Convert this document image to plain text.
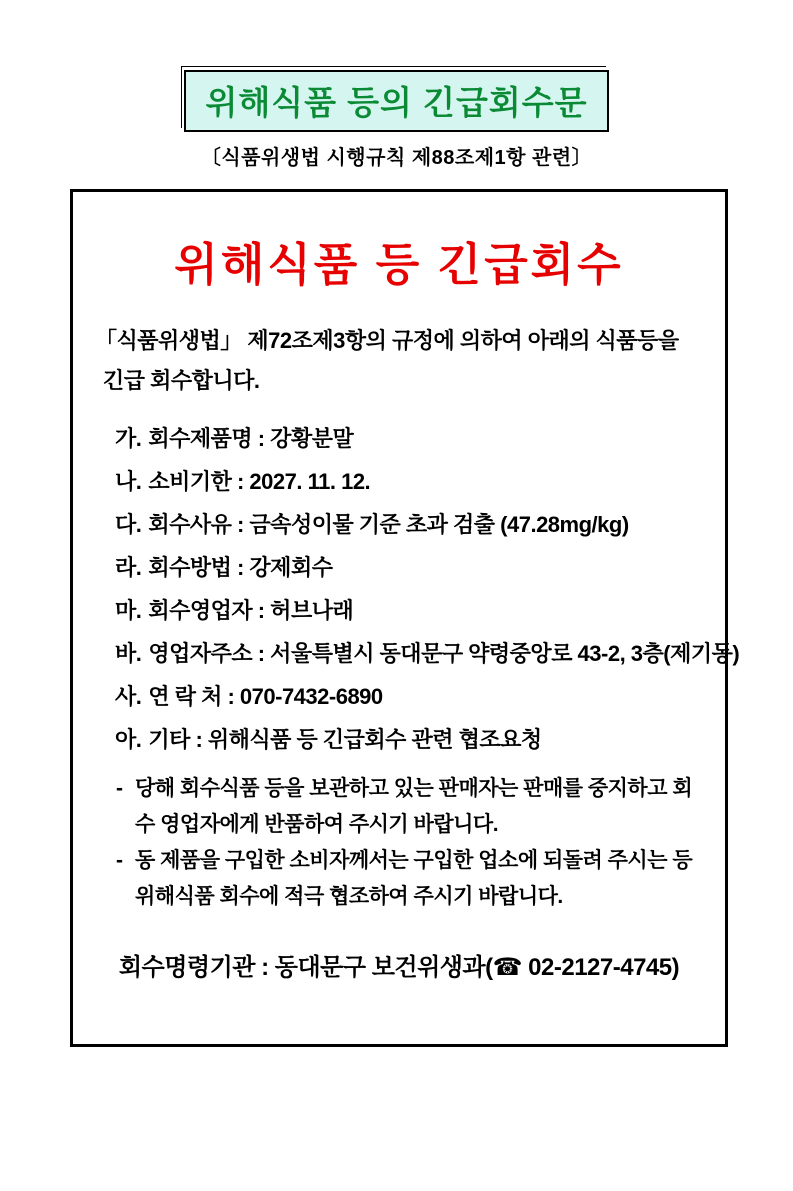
위해식품 등의 긴급회수문
〔식품위생법 시행규칙 제88조제1항 관련〕
위해식품 등 긴급회수
「식품위생법」 제72조제3항의 규정에 의하여 아래의 식품등을
긴급 회수합니다.
가. 회수제품명 : 강황분말
나. 소비기한 : 2027. 11. 12.
다. 회수사유 : 금속성이물 기준 초과 검출 (47.28mg/kg)
라. 회수방법 : 강제회수
마. 회수영업자 : 허브나래
바. 영업자주소 : 서울특별시 동대문구 약령중앙로 43-2, 3층(제기동)
사. 연 락 처 : 070-7432-6890
아. 기타 : 위해식품 등 긴급회수 관련 협조요청
- 당해 회수식품 등을 보관하고 있는 판매자는 판매를 중지하고 회수 영업자에게 반품하여 주시기 바랍니다.
- 동 제품을 구입한 소비자께서는 구입한 업소에 되돌려 주시는 등 위해식품 회수에 적극 협조하여 주시기 바랍니다.
회수명령기관 : 동대문구 보건위생과(☎ 02-2127-4745)
